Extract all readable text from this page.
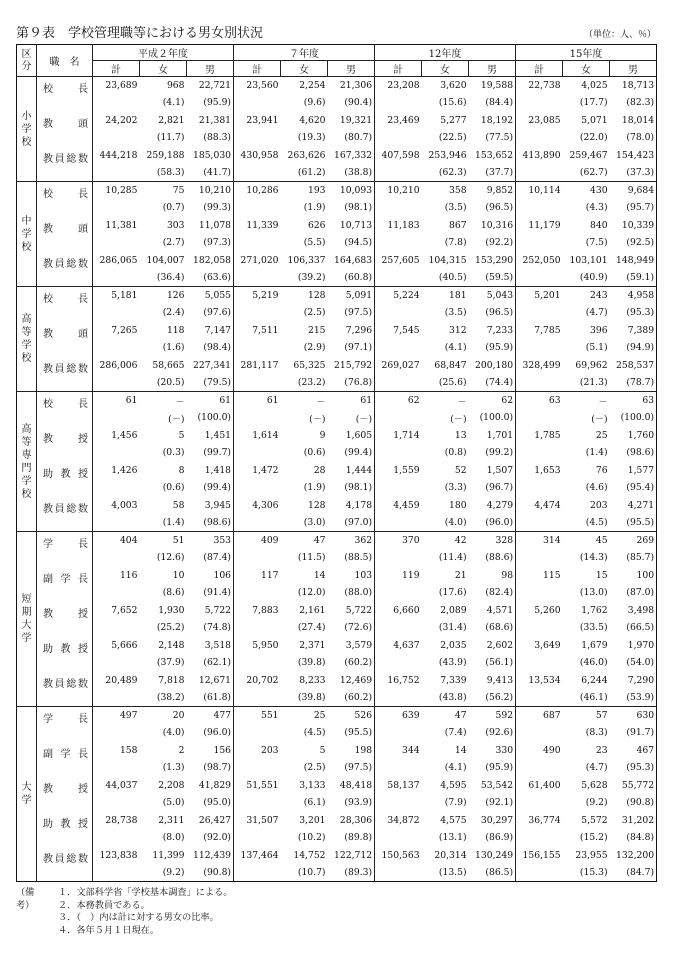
第９表　学校管理職等における男女別状況	（単位：人、％）
区分	職　名	平成２年度			７年度			12年度			15年度		
		計	女	男	計	女	男	計	女	男	計	女	男
小学校	校　長	23,689	968	22,721	23,560	2,254	21,306	23,208	3,620	19,588	22,738	4,025	18,713
			(4.1)	(95.9)		(9.6)	(90.4)		(15.6)	(84.4)		(17.7)	(82.3)
	教　頭	24,202	2,821	21,381	23,941	4,620	19,321	23,469	5,277	18,192	23,085	5,071	18,014
			(11.7)	(88.3)		(19.3)	(80.7)		(22.5)	(77.5)		(22.0)	(78.0)
	教員総数	444,218	259,188	185,030	430,958	263,626	167,332	407,598	253,946	153,652	413,890	259,467	154,423
			(58.3)	(41.7)		(61.2)	(38.8)		(62.3)	(37.7)		(62.7)	(37.3)
中学校	校　長	10,285	75	10,210	10,286	193	10,093	10,210	358	9,852	10,114	430	9,684
			(0.7)	(99.3)		(1.9)	(98.1)		(3.5)	(96.5)		(4.3)	(95.7)
	教　頭	11,381	303	11,078	11,339	626	10,713	11,183	867	10,316	11,179	840	10,339
			(2.7)	(97.3)		(5.5)	(94.5)		(7.8)	(92.2)		(7.5)	(92.5)
	教員総数	286,065	104,007	182,058	271,020	106,337	164,683	257,605	104,315	153,290	252,050	103,101	148,949
			(36.4)	(63.6)		(39.2)	(60.8)		(40.5)	(59.5)		(40.9)	(59.1)
高等学校	校　長	5,181	126	5,055	5,219	128	5,091	5,224	181	5,043	5,201	243	4,958
			(2.4)	(97.6)		(2.5)	(97.5)		(3.5)	(96.5)		(4.7)	(95.3)
	教　頭	7,265	118	7,147	7,511	215	7,296	7,545	312	7,233	7,785	396	7,389
			(1.6)	(98.4)		(2.9)	(97.1)		(4.1)	(95.9)		(5.1)	(94.9)
	教員総数	286,006	58,665	227,341	281,117	65,325	215,792	269,027	68,847	200,180	328,499	69,962	258,537
			(20.5)	(79.5)		(23.2)	(76.8)		(25.6)	(74.4)		(21.3)	(78.7)
高等専門学校	校　長	61	－	61	61	－	61	62	－	62	63	－	63
			(－)	(100.0)		(－)	(－)		(－)	(100.0)		(－)	(100.0)
	教　授	1,456	5	1,451	1,614	9	1,605	1,714	13	1,701	1,785	25	1,760
			(0.3)	(99.7)		(0.6)	(99.4)		(0.8)	(99.2)		(1.4)	(98.6)
	助教授	1,426	8	1,418	1,472	28	1,444	1,559	52	1,507	1,653	76	1,577
			(0.6)	(99.4)		(1.9)	(98.1)		(3.3)	(96.7)		(4.6)	(95.4)
	教員総数	4,003	58	3,945	4,306	128	4,178	4,459	180	4,279	4,474	203	4,271
			(1.4)	(98.6)		(3.0)	(97.0)		(4.0)	(96.0)		(4.5)	(95.5)
短期大学	学　長	404	51	353	409	47	362	370	42	328	314	45	269
			(12.6)	(87.4)		(11.5)	(88.5)		(11.4)	(88.6)		(14.3)	(85.7)
	副学長	116	10	106	117	14	103	119	21	98	115	15	100
			(8.6)	(91.4)		(12.0)	(88.0)		(17.6)	(82.4)		(13.0)	(87.0)
	教　授	7,652	1,930	5,722	7,883	2,161	5,722	6,660	2,089	4,571	5,260	1,762	3,498
			(25.2)	(74.8)		(27.4)	(72.6)		(31.4)	(68.6)		(33.5)	(66.5)
	助教授	5,666	2,148	3,518	5,950	2,371	3,579	4,637	2,035	2,602	3,649	1,679	1,970
			(37.9)	(62.1)		(39.8)	(60.2)		(43.9)	(56.1)		(46.0)	(54.0)
	教員総数	20,489	7,818	12,671	20,702	8,233	12,469	16,752	7,339	9,413	13,534	6,244	7,290
			(38.2)	(61.8)		(39.8)	(60.2)		(43.8)	(56.2)		(46.1)	(53.9)
大学	学　長	497	20	477	551	25	526	639	47	592	687	57	630
			(4.0)	(96.0)		(4.5)	(95.5)		(7.4)	(92.6)		(8.3)	(91.7)
	副学長	158	2	156	203	5	198	344	14	330	490	23	467
			(1.3)	(98.7)		(2.5)	(97.5)		(4.1)	(95.9)		(4.7)	(95.3)
	教　授	44,037	2,208	41,829	51,551	3,133	48,418	58,137	4,595	53,542	61,400	5,628	55,772
			(5.0)	(95.0)		(6.1)	(93.9)		(7.9)	(92.1)		(9.2)	(90.8)
	助教授	28,738	2,311	26,427	31,507	3,201	28,306	34,872	4,575	30,297	36,774	5,572	31,202
			(8.0)	(92.0)		(10.2)	(89.8)		(13.1)	(86.9)		(15.2)	(84.8)
	教員総数	123,838	11,399	112,439	137,464	14,752	122,712	150,563	20,314	130,249	156,155	23,955	132,200
			(9.2)	(90.8)		(10.7)	(89.3)		(13.5)	(86.5)		(15.3)	(84.7)
（備考）
１．文部科学省「学校基本調査」による。
２．本務教員である。
３．（　）内は計に対する男女の比率。
４．各年５月１日現在。
